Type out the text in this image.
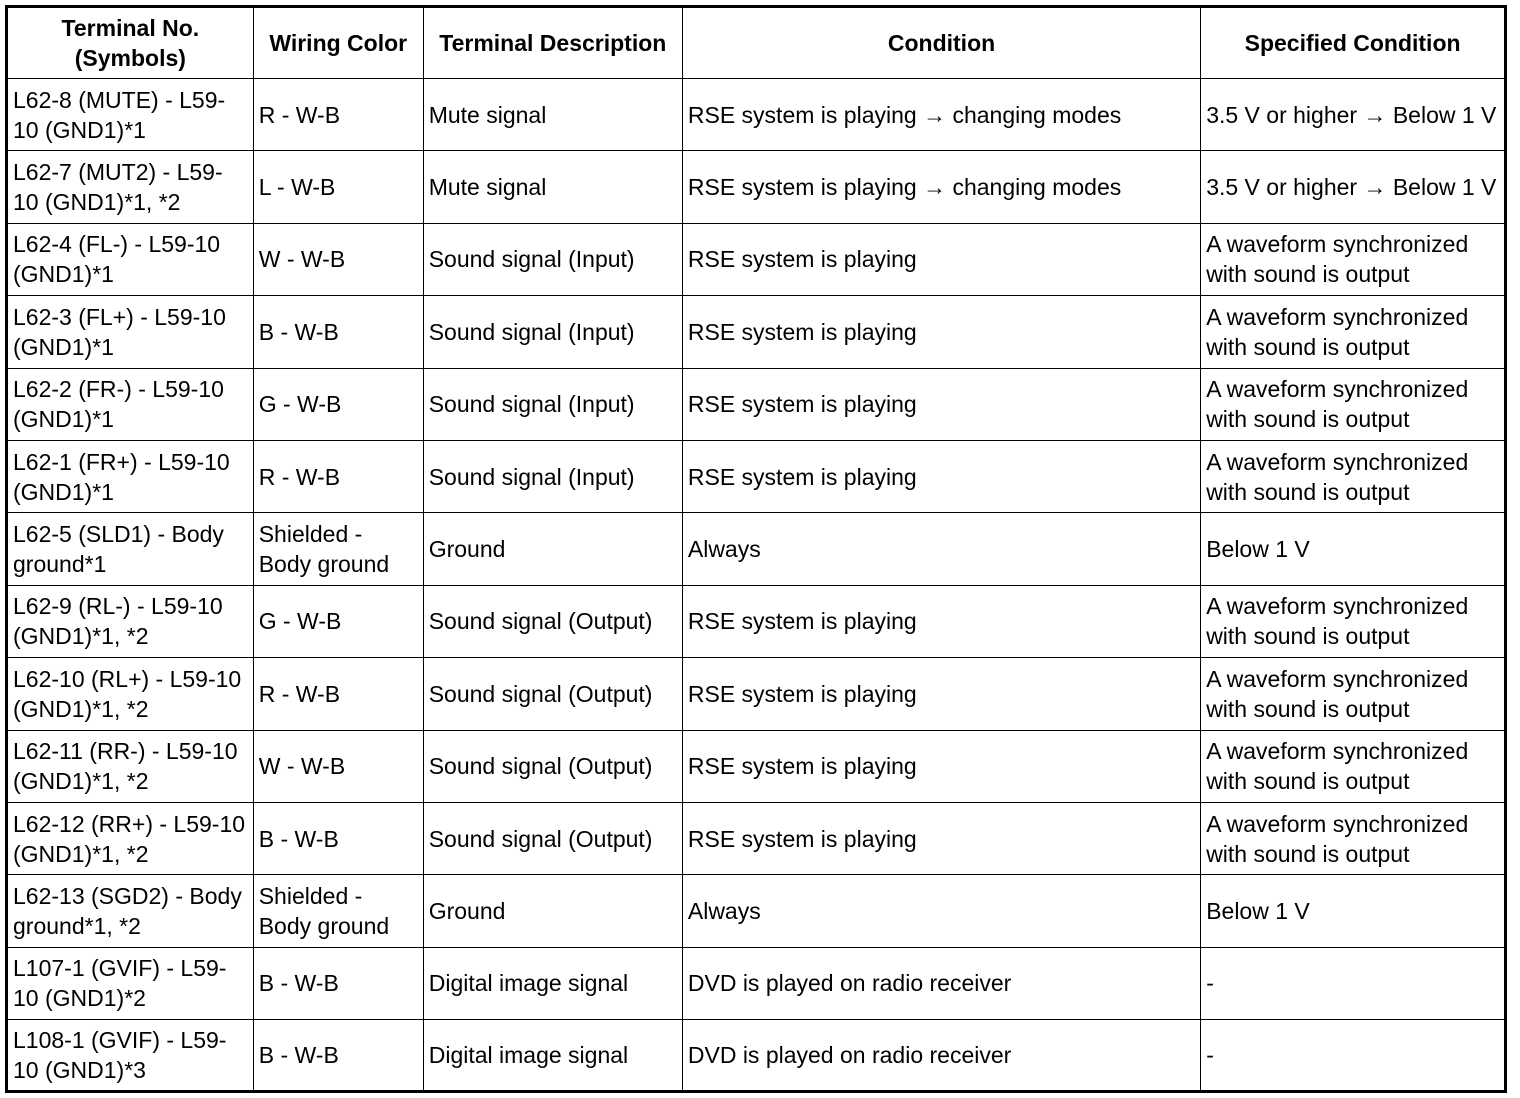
Terminal No.
(Symbols)	Wiring Color	Terminal Description	Condition	Specified Condition
L62-8 (MUTE) - L59-10 (GND1)*1	R - W-B	Mute signal	RSE system is playing → changing modes	3.5 V or higher → Below 1 V
L62-7 (MUT2) - L59-10 (GND1)*1, *2	L - W-B	Mute signal	RSE system is playing → changing modes	3.5 V or higher → Below 1 V
L62-4 (FL-) - L59-10 (GND1)*1	W - W-B	Sound signal (Input)	RSE system is playing	A waveform synchronized with sound is output
L62-3 (FL+) - L59-10 (GND1)*1	B - W-B	Sound signal (Input)	RSE system is playing	A waveform synchronized with sound is output
L62-2 (FR-) - L59-10 (GND1)*1	G - W-B	Sound signal (Input)	RSE system is playing	A waveform synchronized with sound is output
L62-1 (FR+) - L59-10 (GND1)*1	R - W-B	Sound signal (Input)	RSE system is playing	A waveform synchronized with sound is output
L62-5 (SLD1) - Body ground*1	Shielded - Body ground	Ground	Always	Below 1 V
L62-9 (RL-) - L59-10 (GND1)*1, *2	G - W-B	Sound signal (Output)	RSE system is playing	A waveform synchronized with sound is output
L62-10 (RL+) - L59-10 (GND1)*1, *2	R - W-B	Sound signal (Output)	RSE system is playing	A waveform synchronized with sound is output
L62-11 (RR-) - L59-10 (GND1)*1, *2	W - W-B	Sound signal (Output)	RSE system is playing	A waveform synchronized with sound is output
L62-12 (RR+) - L59-10 (GND1)*1, *2	B - W-B	Sound signal (Output)	RSE system is playing	A waveform synchronized with sound is output
L62-13 (SGD2) - Body ground*1, *2	Shielded - Body ground	Ground	Always	Below 1 V
L107-1 (GVIF) - L59-10 (GND1)*2	B - W-B	Digital image signal	DVD is played on radio receiver	-
L108-1 (GVIF) - L59-10 (GND1)*3	B - W-B	Digital image signal	DVD is played on radio receiver	-
